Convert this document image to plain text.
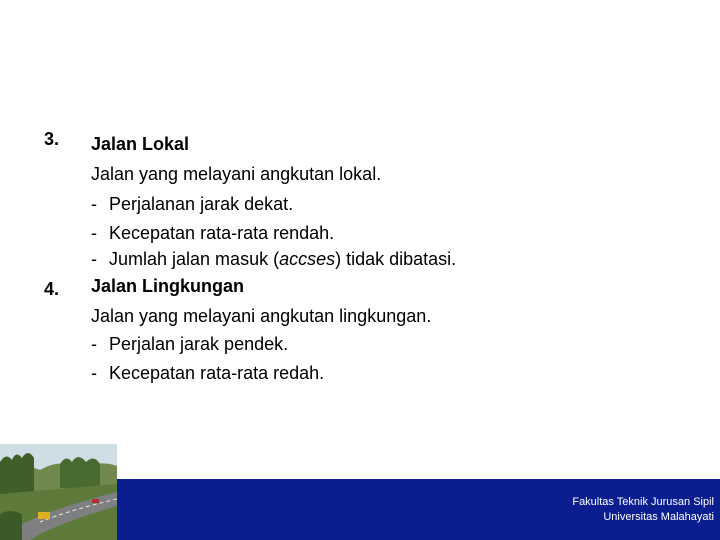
3. Jalan Lokal
Jalan yang melayani angkutan lokal.
- Perjalanan jarak dekat.
- Kecepatan rata-rata rendah.
- Jumlah jalan masuk (accses) tidak dibatasi.
4. Jalan Lingkungan
Jalan yang melayani angkutan lingkungan.
- Perjalan jarak pendek.
- Kecepatan rata-rata redah.
Fakultas Teknik Jurusan Sipil
Universitas Malahayati
